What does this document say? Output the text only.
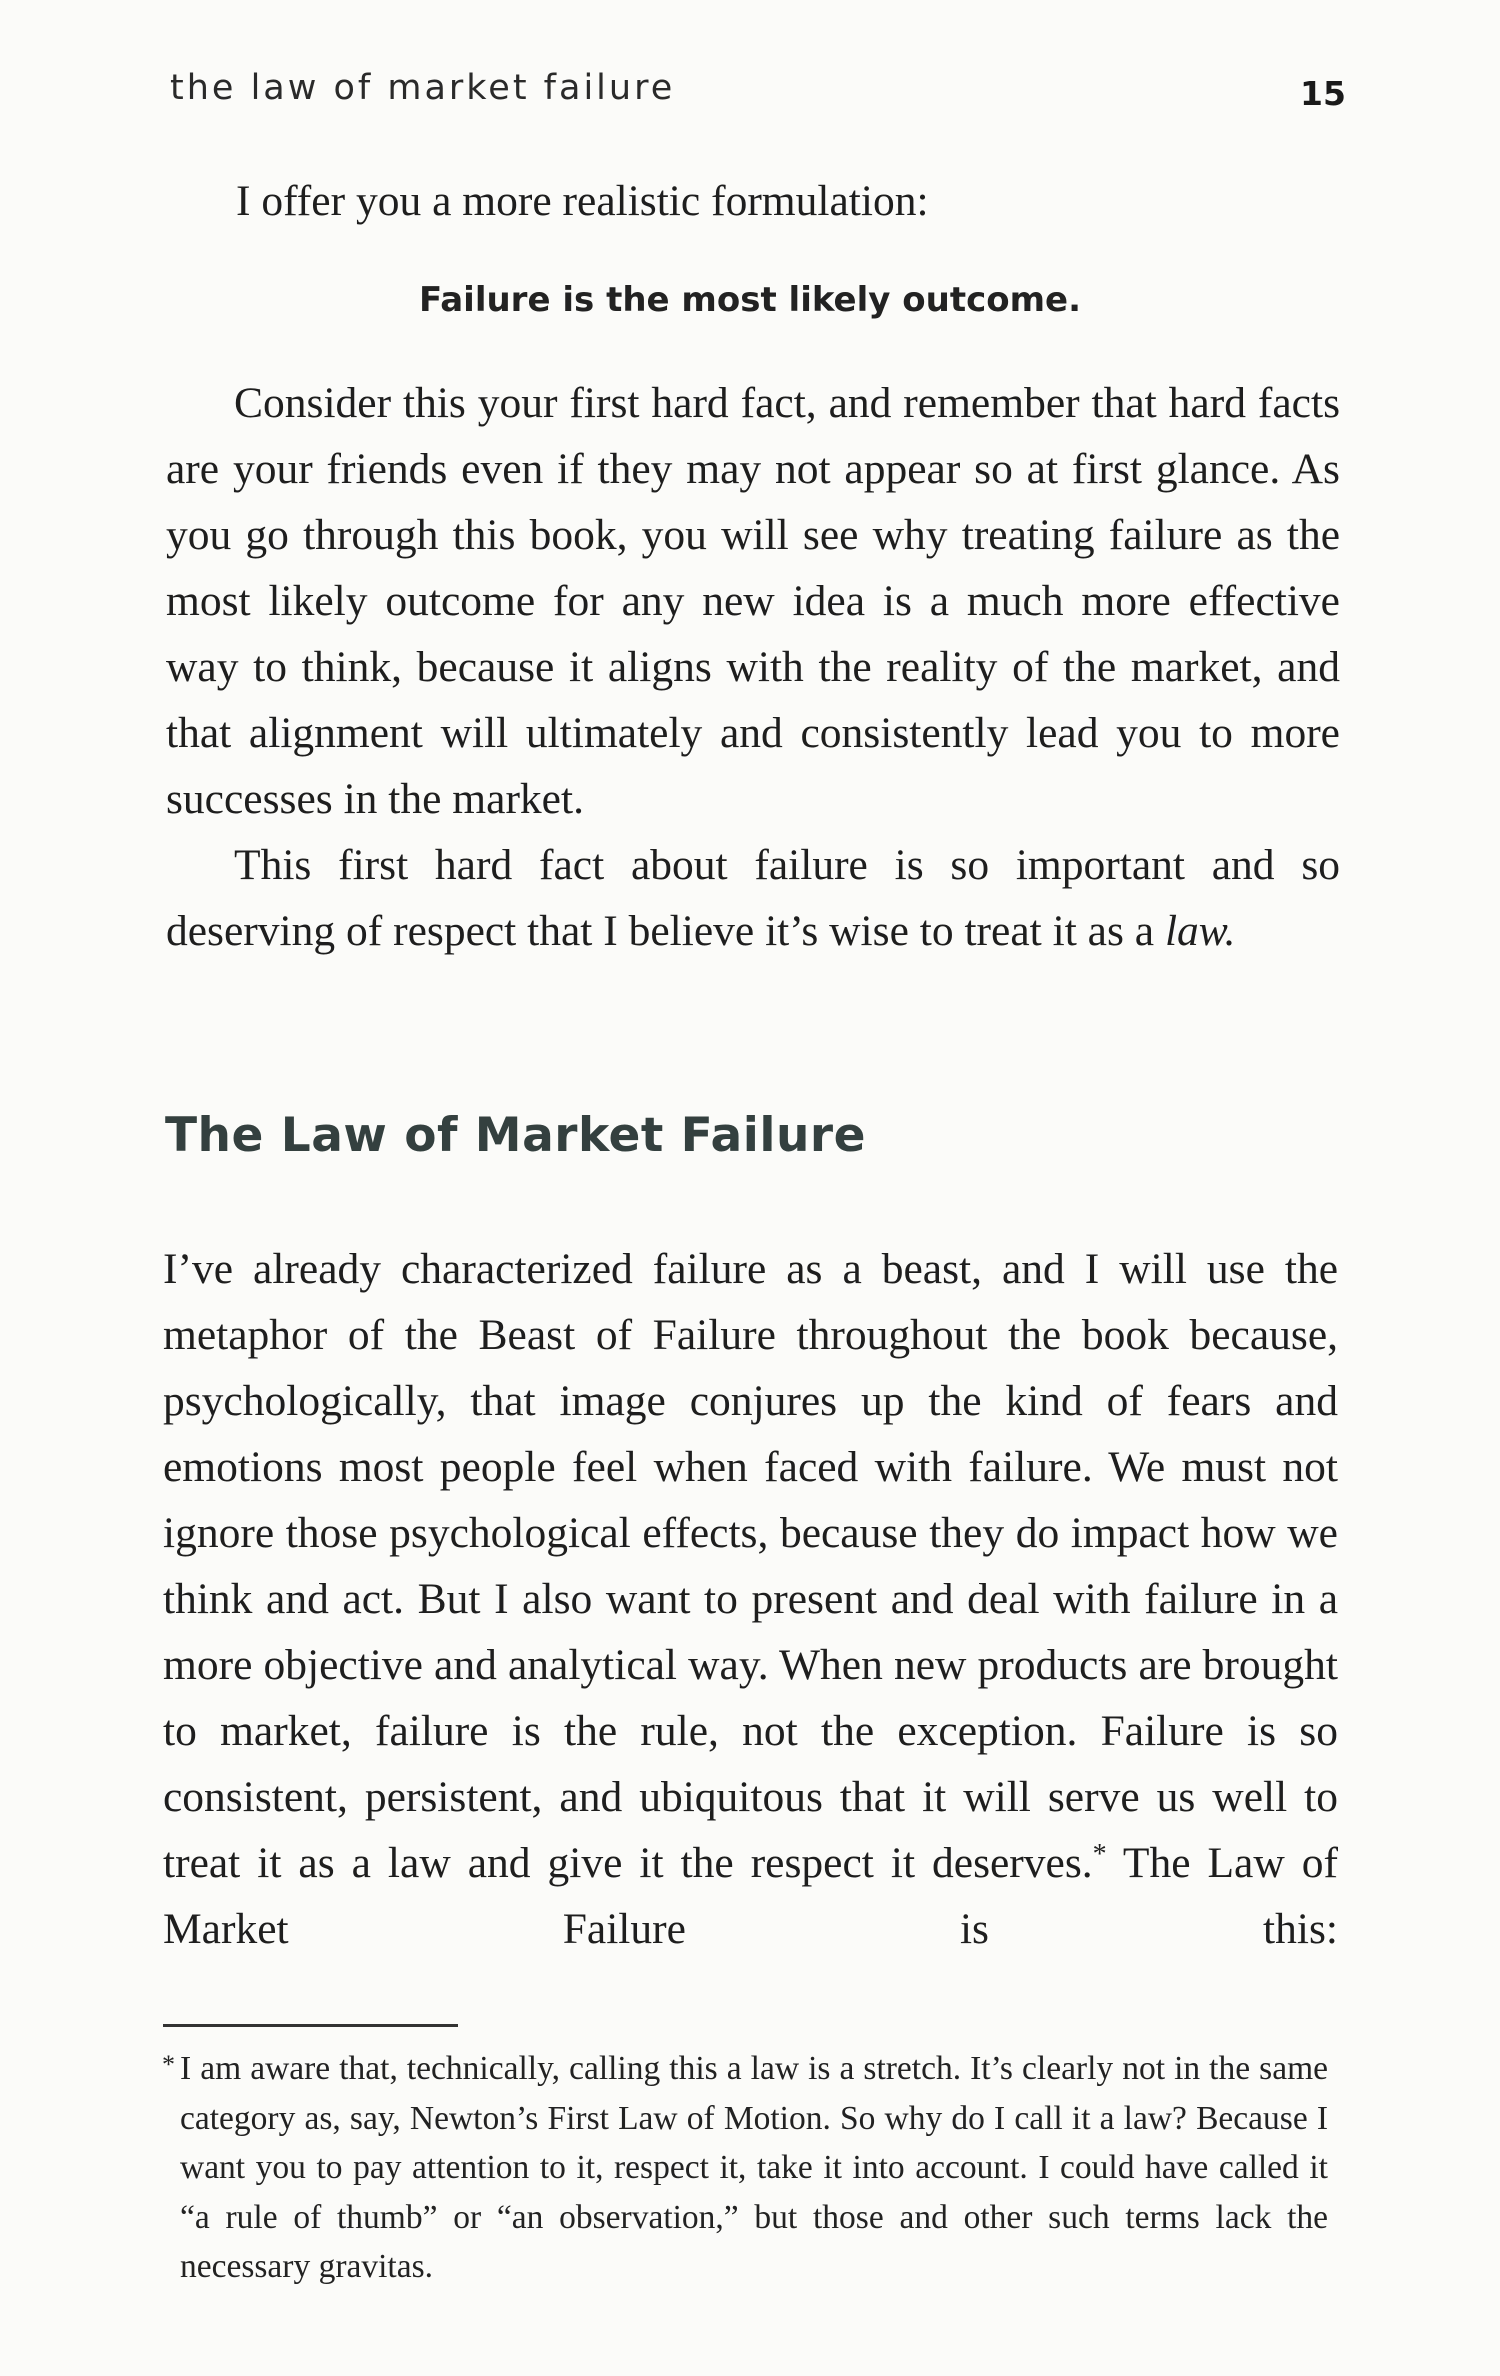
the law of market failure	15

I offer you a more realistic formulation:

Failure is the most likely outcome.

Consider this your first hard fact, and remember that hard facts are your friends even if they may not appear so at first glance. As you go through this book, you will see why treating failure as the most likely outcome for any new idea is a much more effective way to think, because it aligns with the reality of the market, and that alignment will ultimately and consistently lead you to more successes in the market.

This first hard fact about failure is so important and so deserving of respect that I believe it’s wise to treat it as a law.

The Law of Market Failure

I’ve already characterized failure as a beast, and I will use the metaphor of the Beast of Failure throughout the book because, psychologically, that image conjures up the kind of fears and emotions most people feel when faced with failure. We must not ignore those psychological effects, because they do impact how we think and act. But I also want to present and deal with failure in a more objective and analytical way. When new products are brought to market, failure is the rule, not the exception. Failure is so consistent, persistent, and ubiquitous that it will serve us well to treat it as a law and give it the respect it deserves.* The Law of Market Failure is this:

* I am aware that, technically, calling this a law is a stretch. It’s clearly not in the same category as, say, Newton’s First Law of Motion. So why do I call it a law? Because I want you to pay attention to it, respect it, take it into account. I could have called it “a rule of thumb” or “an observation,” but those and other such terms lack the necessary gravitas.
